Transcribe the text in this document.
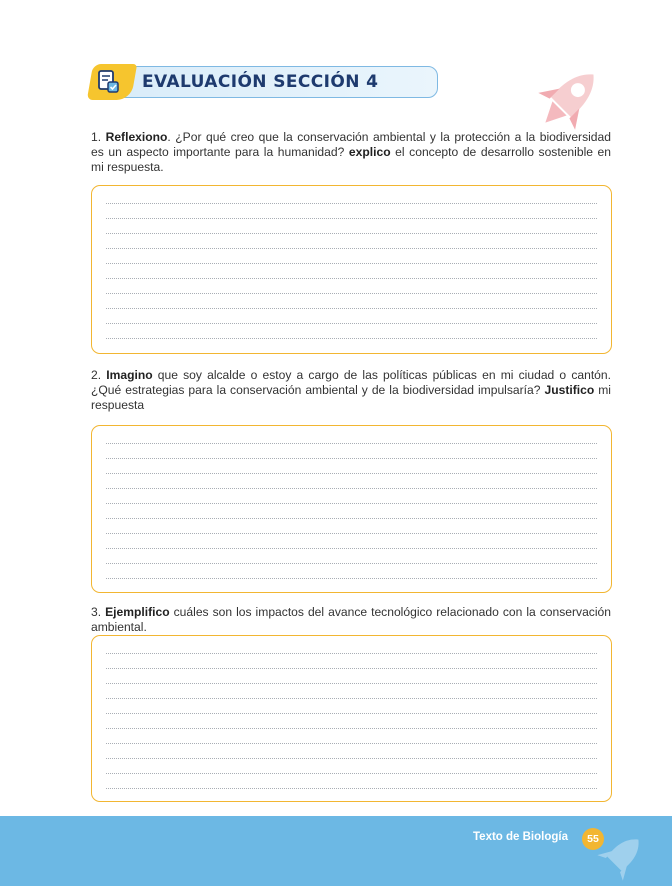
EVALUACIÓN SECCIÓN 4
1. Reflexiono. ¿Por qué creo que la conservación ambiental y la protección a la biodiversidad es un aspecto importante para la humanidad? explico el concepto de desarrollo sostenible en mi respuesta.
2. Imagino que soy alcalde o estoy a cargo de las políticas públicas en mi ciudad o cantón. ¿Qué estrategias para la conservación ambiental y de la biodiversidad impulsaría? Justifico mi respuesta
3. Ejemplifico cuáles son los impactos del avance tecnológico relacionado con la conservación ambiental.
Texto de Biología	55
